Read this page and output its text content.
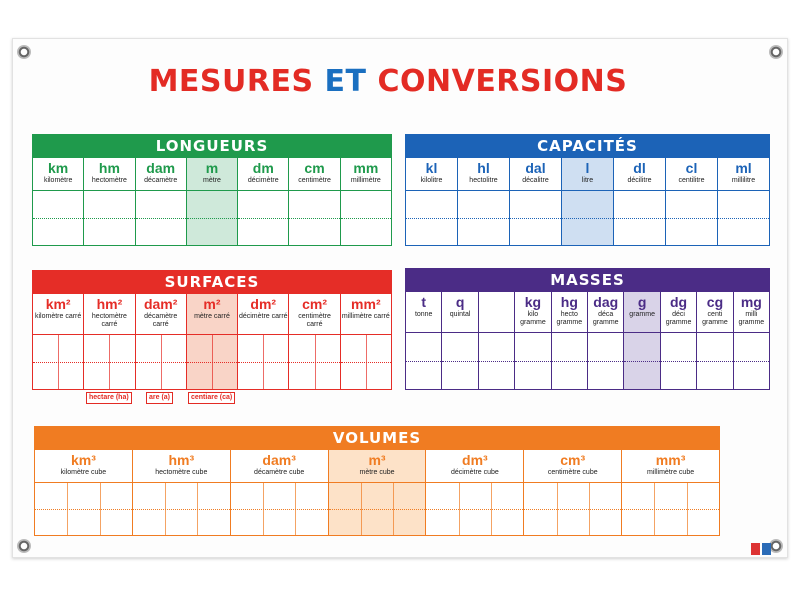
MESURES ET CONVERSIONS
LONGUEURS
km
kilomètre
hm
hectomètre
dam
décamètre
m
mètre
dm
décimètre
cm
centimètre
mm
millimètre
CAPACITÉS
kl
kilolitre
hl
hectolitre
dal
décalitre
l
litre
dl
décilitre
cl
centilitre
ml
millilitre
SURFACES
km²
kilomètre carré
hm²
hectomètre carré
dam²
décamètre carré
m²
mètre carré
dm²
décimètre carré
cm²
centimètre carré
mm²
millimètre carré
hectare (ha)	are (a)	centiare (ca)
MASSES
t
tonne
q
quintal
kg
kilo gramme
hg
hecto gramme
dag
déca gramme
g
gramme
dg
déci gramme
cg
centi gramme
mg
milli gramme
VOLUMES
km³
kilomètre cube
hm³
hectomètre cube
dam³
décamètre cube
m³
mètre cube
dm³
décimètre cube
cm³
centimètre cube
mm³
millimètre cube
